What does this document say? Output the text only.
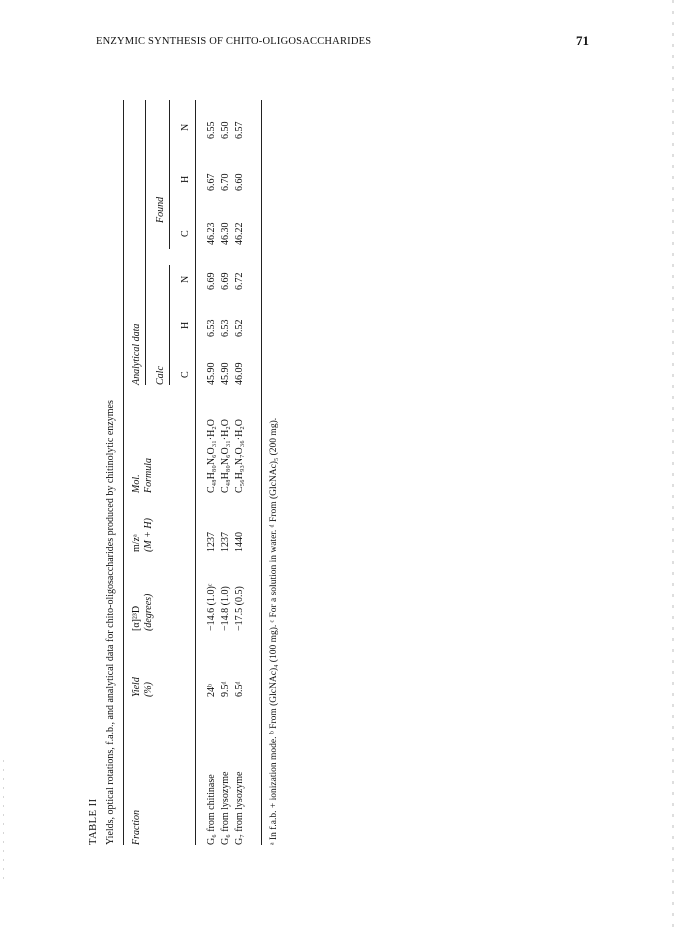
ENZYMIC SYNTHESIS OF CHITO-OLIGOSACCHARIDES	71
TABLE II Yields, optical rotations, f.a.b., and analytical data for chito-oligosaccharides produced by chitinolytic enzymes Fraction
Yield (%)
[α]²³D (degrees)
m/zᵃ (M + H)
Mol. Formula
Analytical data Calc
Found
C
H
N
C
H
N
G₆ from chitinase
24ᵇ
−14.6 (1.0)ᶜ
1237
C₄₈H₈₀N₆O₃₁·H₂O
45.90
6.53
6.69
46.23
6.67
6.55
G₆ from lysozyme
9.5ᵈ
−14.8 (1.0)
1237
C₄₈H₈₀N₆O₃₁·H₂O
45.90
6.53
6.69
46.30
6.70
6.50
G₇ from lysozyme
6.5ᵈ
−17.5 (0.5)
1440
C₅₆H₉₃N₇O₃₆·H₂O
46.09
6.52
6.72
46.22
6.60
6.57
ᵃ In f.a.b. + ionization mode. ᵇ From (GlcNAc)₄ (100 mg). ᶜ For a solution in water. ᵈ From (GlcNAc)₅ (200 mg).
